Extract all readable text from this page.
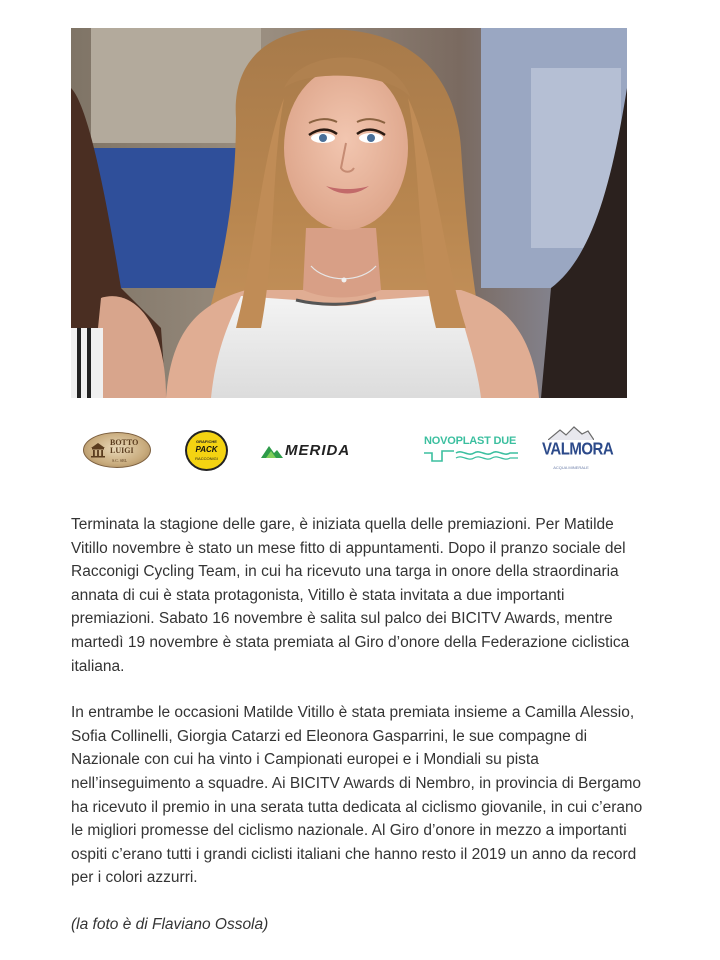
BOTTO LUIGI
S.C. SRL
GRAFICHE
PACK
RACCONIGI	MERIDA
NOVOPLAST DUE VALMORA
ACQUA MINERALE

Terminata la stagione delle gare, è iniziata quella delle premiazioni. Per Matilde Vitillo novembre è stato un mese fitto di appuntamenti. Dopo il pranzo sociale del Racconigi Cycling Team, in cui ha ricevuto una targa in onore della straordinaria annata di cui è stata protagonista, Vitillo è stata invitata a due importanti premiazioni. Sabato 16 novembre è salita sul palco dei BICITV Awards, mentre martedì 19 novembre è stata premiata al Giro d’onore della Federazione ciclistica italiana.

In entrambe le occasioni Matilde Vitillo è stata premiata insieme a Camilla Alessio, Sofia Collinelli, Giorgia Catarzi ed Eleonora Gasparrini, le sue compagne di Nazionale con cui ha vinto i Campionati europei e i Mondiali su pista nell’inseguimento a squadre. Ai BICITV Awards di Nembro, in provincia di Bergamo ha ricevuto il premio in una serata tutta dedicata al ciclismo giovanile, in cui c’erano le migliori promesse del ciclismo nazionale. Al Giro d’onore in mezzo a importanti ospiti c’erano tutti i grandi ciclisti italiani che hanno resto il 2019 un anno da record per i colori azzurri.

(la foto è di Flaviano Ossola)
